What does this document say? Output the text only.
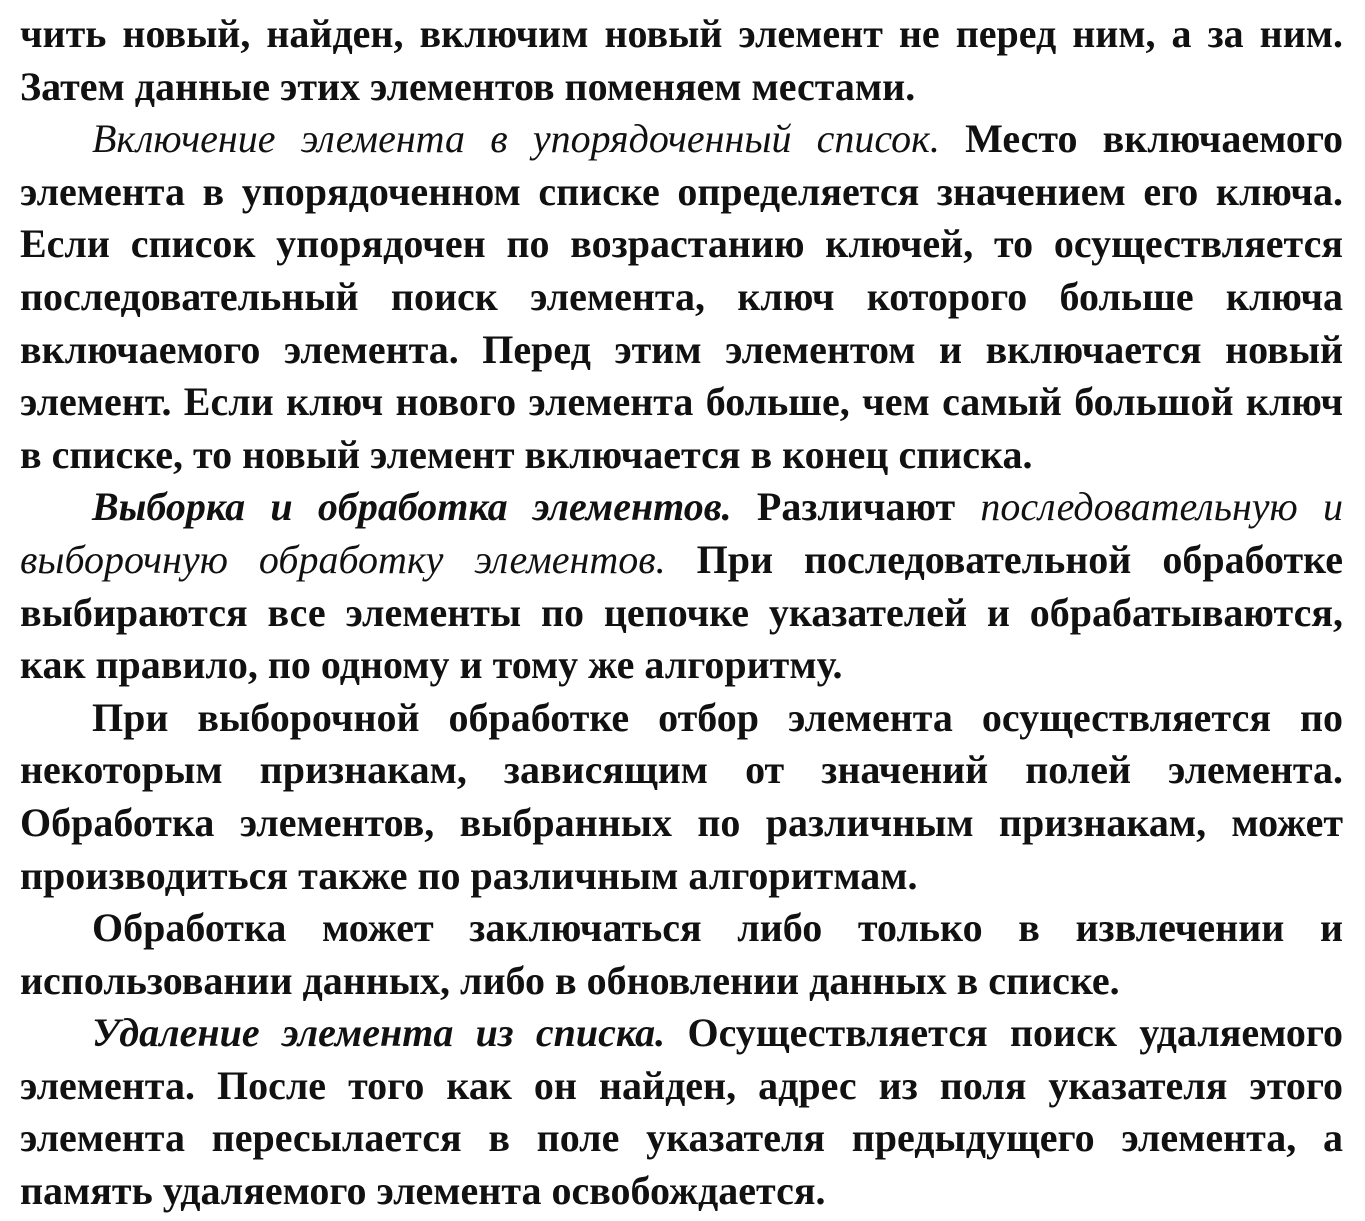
чить новый, найден, включим новый элемент не перед ним, а за ним. Затем данные этих элементов поменяем местами.

Включение элемента в упорядоченный список. Место включаемого элемента в упорядоченном списке определяется значением его ключа. Если список упорядочен по возрастанию ключей, то осуществляется последовательный поиск элемента, ключ которого больше ключа включаемого элемента. Перед этим элементом и включается новый элемент. Если ключ нового элемента больше, чем самый большой ключ в списке, то новый элемент включается в конец списка.

Выборка и обработка элементов. Различают последовательную и выборочную обработку элементов. При последовательной обработке выбираются все элементы по цепочке указателей и обрабатываются, как правило, по одному и тому же алгоритму.

При выборочной обработке отбор элемента осуществляется по некоторым признакам, зависящим от значений полей элемента. Обработка элементов, выбранных по различным признакам, может производиться также по различным алгоритмам.

Обработка может заключаться либо только в извлечении и использовании данных, либо в обновлении данных в списке.

Удаление элемента из списка. Осуществляется поиск удаляемого элемента. После того как он найден, адрес из поля указателя этого элемента пересылается в поле указателя предыдущего элемента, а память удаляемого элемента освобождается.
